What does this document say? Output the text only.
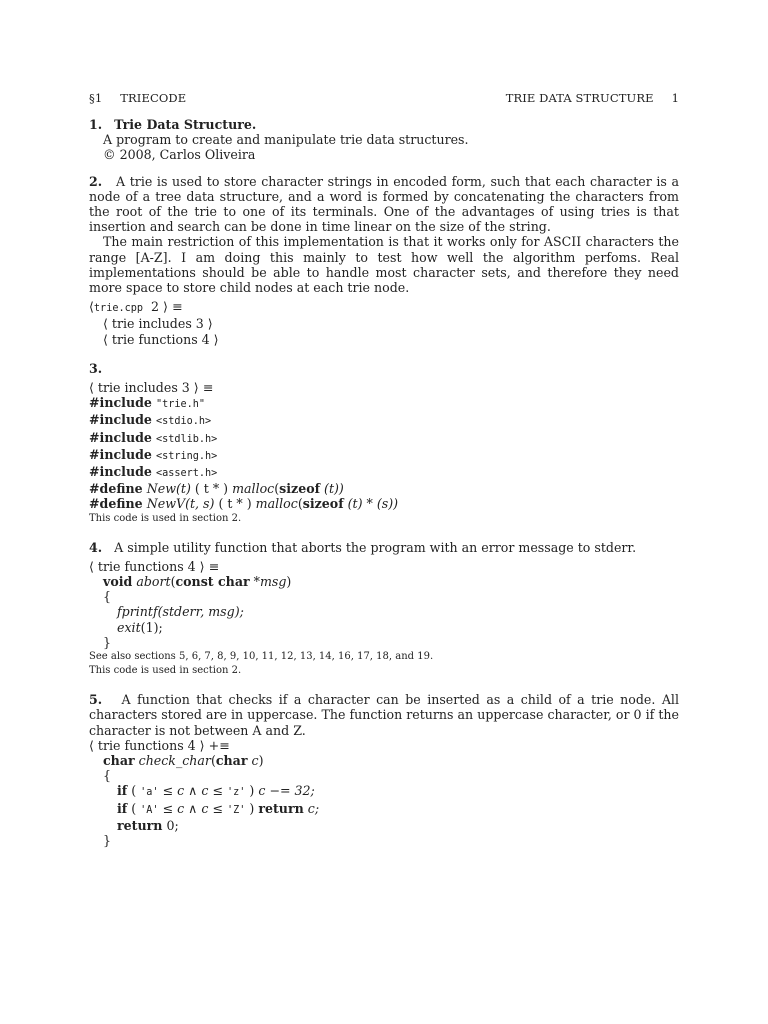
§1 TRIECODE	TRIE DATA STRUCTURE 1

1. Trie Data Structure.

A program to create and manipulate trie data structures.

© 2008, Carlos Oliveira

2. A trie is used to store character strings in encoded form, such that each character is a node of a tree data structure, and a word is formed by concatenating the characters from the root of the trie to one of its terminals. One of the advantages of using tries is that insertion and search can be done in time linear on the size of the string.

The main restriction of this implementation is that it works only for ASCII characters the range [A-Z]. I am doing this mainly to test how well the algorithm perfoms. Real implementations should be able to handle most character sets, and therefore they need more space to store child nodes at each trie node.

⟨trie.cpp 2 ⟩ ≡
⟨ trie includes 3 ⟩
⟨ trie functions 4 ⟩

3.

⟨ trie includes 3 ⟩ ≡
#include "trie.h"
#include <stdio.h>
#include <stdlib.h>
#include <string.h>
#include <assert.h>
#define New(t) ( t * ) malloc(sizeof (t))
#define NewV(t, s) ( t * ) malloc(sizeof (t) * (s))

This code is used in section 2.

4. A simple utility function that aborts the program with an error message to stderr.

⟨ trie functions 4 ⟩ ≡
void abort(const char *msg)
{
fprintf(stderr, msg);
exit(1);
}

See also sections 5, 6, 7, 8, 9, 10, 11, 12, 13, 14, 16, 17, 18, and 19.

This code is used in section 2.

5. A function that checks if a character can be inserted as a child of a trie node. All characters stored are in uppercase. The function returns an uppercase character, or 0 if the character is not between A and Z.

⟨ trie functions 4 ⟩ +≡
char check_char(char c)
{
if ( 'a' ≤ c ∧ c ≤ 'z' ) c −= 32;
if ( 'A' ≤ c ∧ c ≤ 'Z' ) return c;
return 0;
}
